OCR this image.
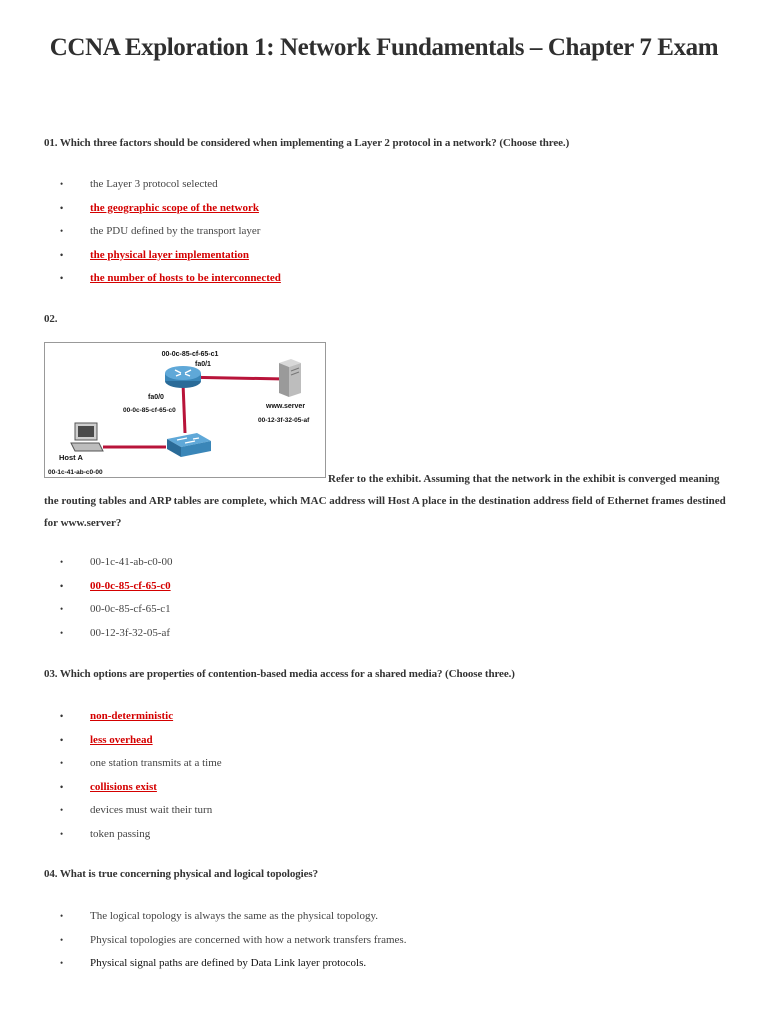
CCNA Exploration 1: Network Fundamentals – Chapter 7 Exam
01. Which three factors should be considered when implementing a Layer 2 protocol in a network? (Choose three.)
• the Layer 3 protocol selected
• the geographic scope of the network
• the PDU defined by the transport layer
• the physical layer implementation
• the number of hosts to be interconnected
02.
00-0c-85-cf-65-c1
fa0/1
fa0/0
00-0c-85-cf-65-c0
www.server
00-12-3f-32-05-af
Host A
00-1c-41-ab-c0-00
Refer to the exhibit. Assuming that the network in the exhibit is converged meaning the routing tables and ARP tables are complete, which MAC address will Host A place in the destination address field of Ethernet frames destined for www.server?
• 00-1c-41-ab-c0-00
• 00-0c-85-cf-65-c0
• 00-0c-85-cf-65-c1
• 00-12-3f-32-05-af
03. Which options are properties of contention-based media access for a shared media? (Choose three.)
• non-deterministic
• less overhead
• one station transmits at a time
• collisions exist
• devices must wait their turn
• token passing
04. What is true concerning physical and logical topologies?
• The logical topology is always the same as the physical topology.
• Physical topologies are concerned with how a network transfers frames.
• Physical signal paths are defined by Data Link layer protocols.
